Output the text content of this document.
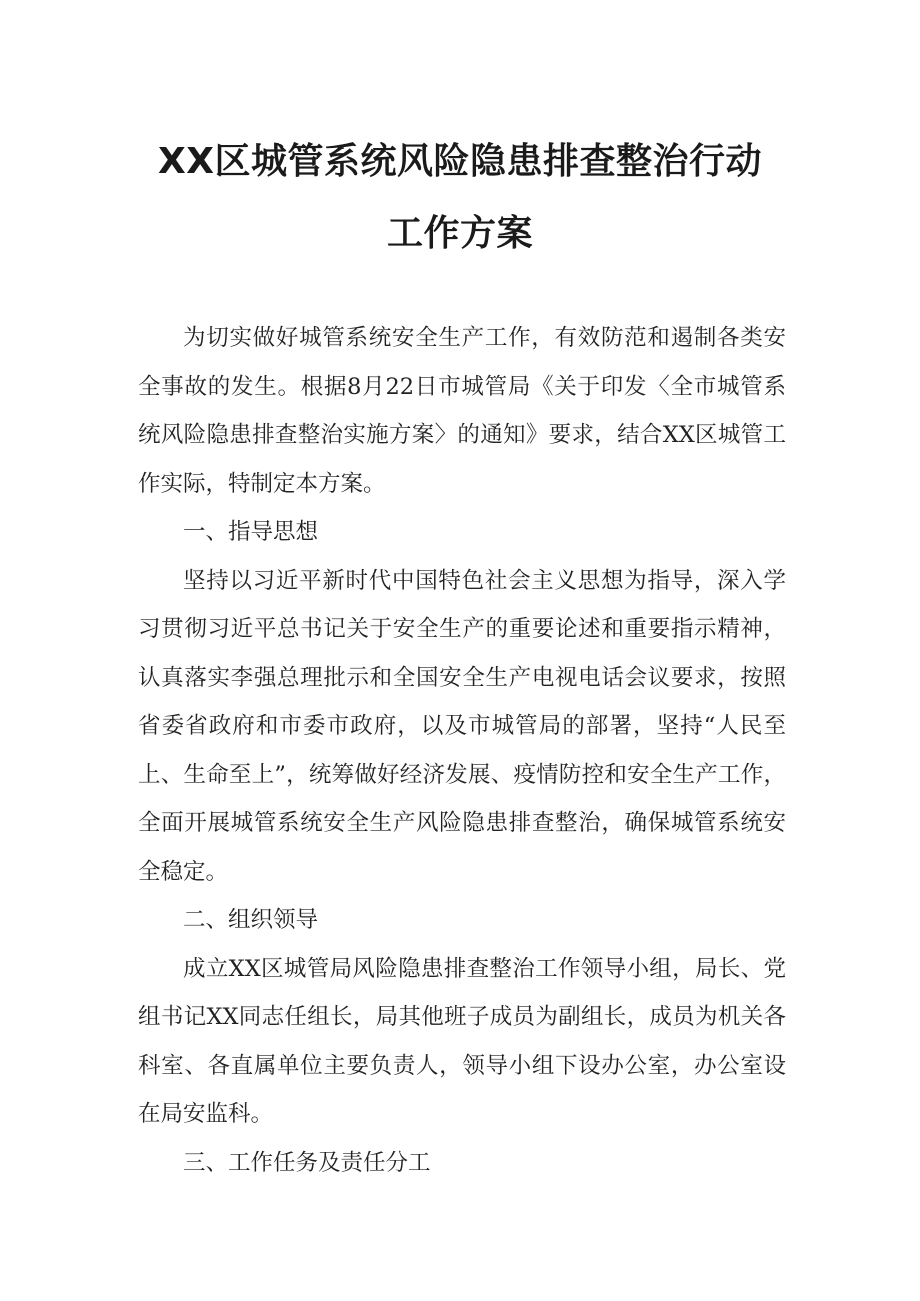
XX区城管系统风险隐患排查整治行动
工作方案

为切实做好城管系统安全生产工作，有效防范和遏制各类安全事故的发生。根据8月22日市城管局《关于印发〈全市城管系统风险隐患排查整治实施方案〉的通知》要求，结合XX区城管工作实际，特制定本方案。

一、指导思想

坚持以习近平新时代中国特色社会主义思想为指导，深入学习贯彻习近平总书记关于安全生产的重要论述和重要指示精神，认真落实李强总理批示和全国安全生产电视电话会议要求，按照省委省政府和市委市政府，以及市城管局的部署，坚持“人民至上、生命至上”，统筹做好经济发展、疫情防控和安全生产工作，全面开展城管系统安全生产风险隐患排查整治，确保城管系统安全稳定。

二、组织领导

成立XX区城管局风险隐患排查整治工作领导小组，局长、党组书记XX同志任组长，局其他班子成员为副组长，成员为机关各科室、各直属单位主要负责人，领导小组下设办公室，办公室设在局安监科。

三、工作任务及责任分工
